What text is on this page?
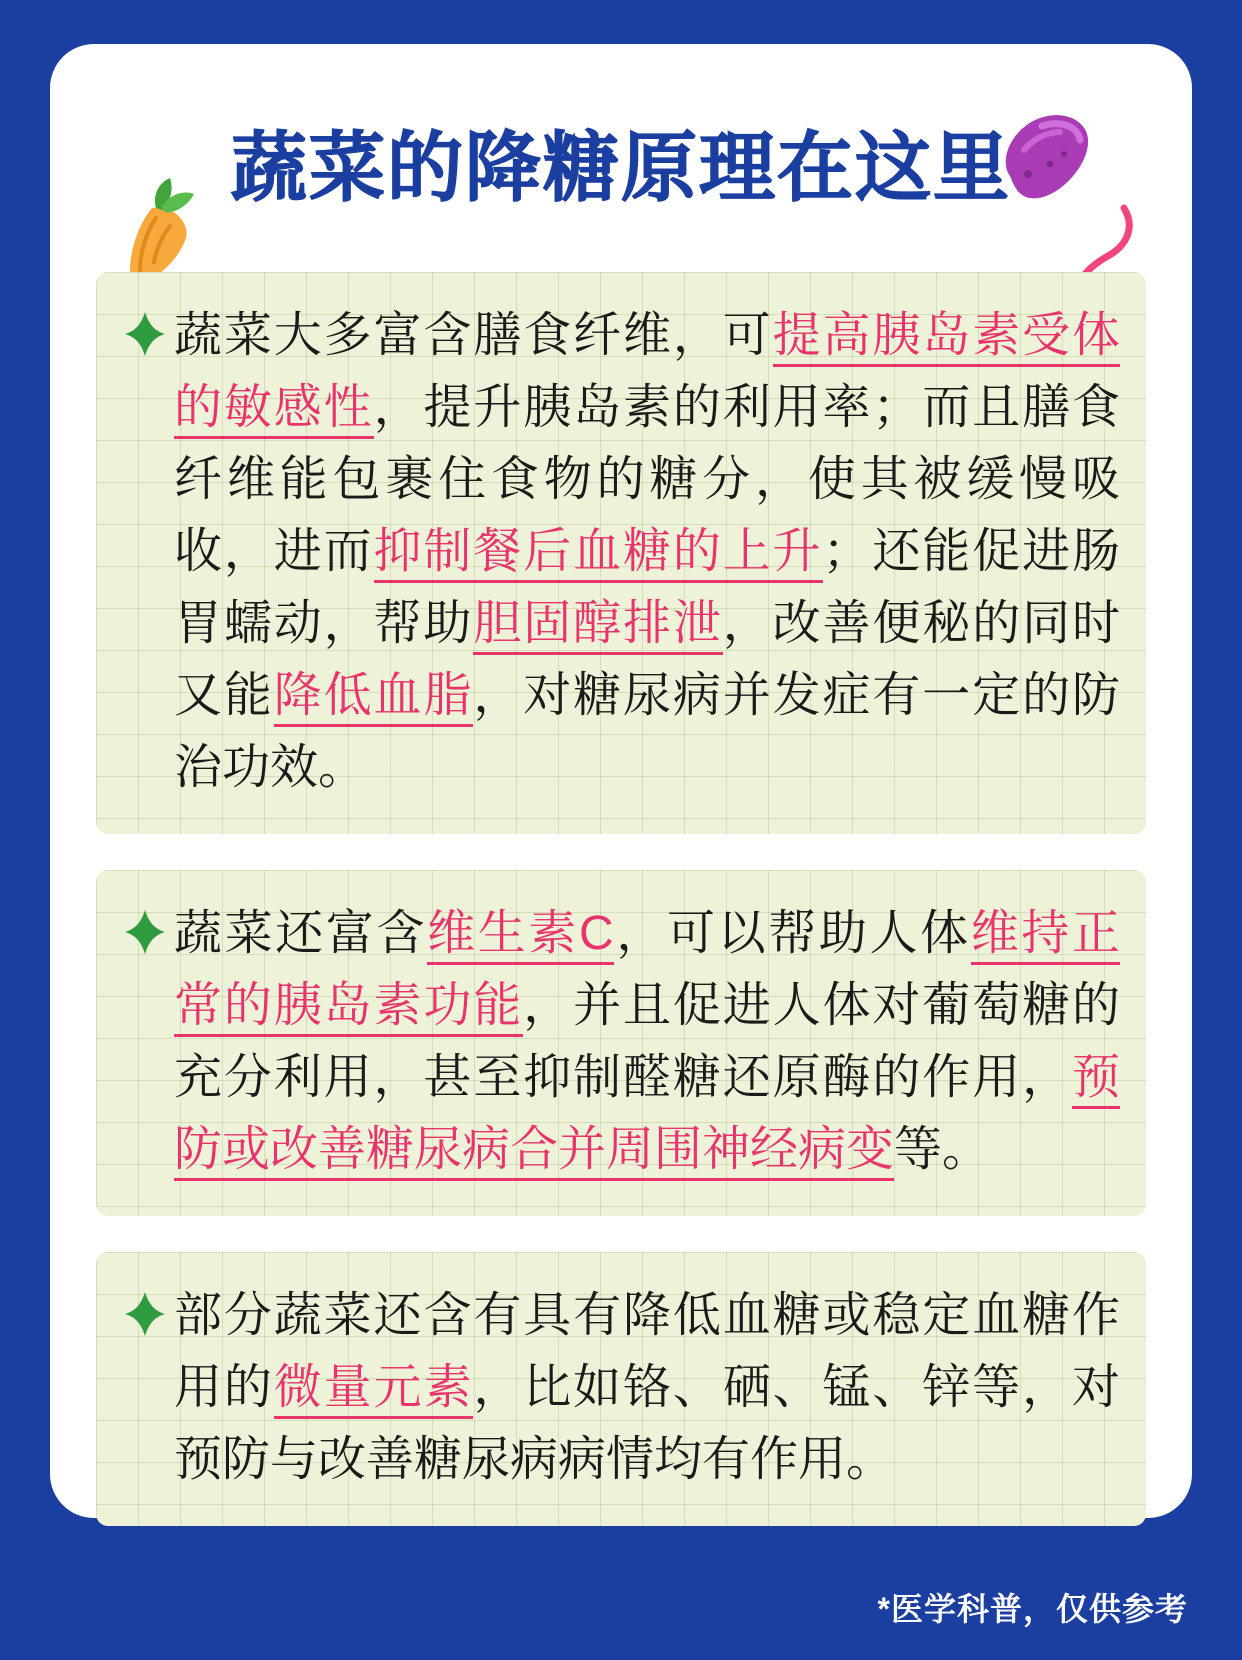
蔬菜的降糖原理在这里
蔬菜大多富含膳食纤维，可提高胰岛素受体的敏感性，提升胰岛素的利用率；而且膳食纤维能包裹住食物的糖分，使其被缓慢吸收，进而抑制餐后血糖的上升；还能促进肠胃蠕动，帮助胆固醇排泄，改善便秘的同时又能降低血脂，对糖尿病并发症有一定的防治功效。
蔬菜还富含维生素C，可以帮助人体维持正常的胰岛素功能，并且促进人体对葡萄糖的充分利用，甚至抑制醛糖还原酶的作用，预防或改善糖尿病合并周围神经病变等。
部分蔬菜还含有具有降低血糖或稳定血糖作用的微量元素，比如铬、硒、锰、锌等，对预防与改善糖尿病病情均有作用。
*医学科普，仅供参考
